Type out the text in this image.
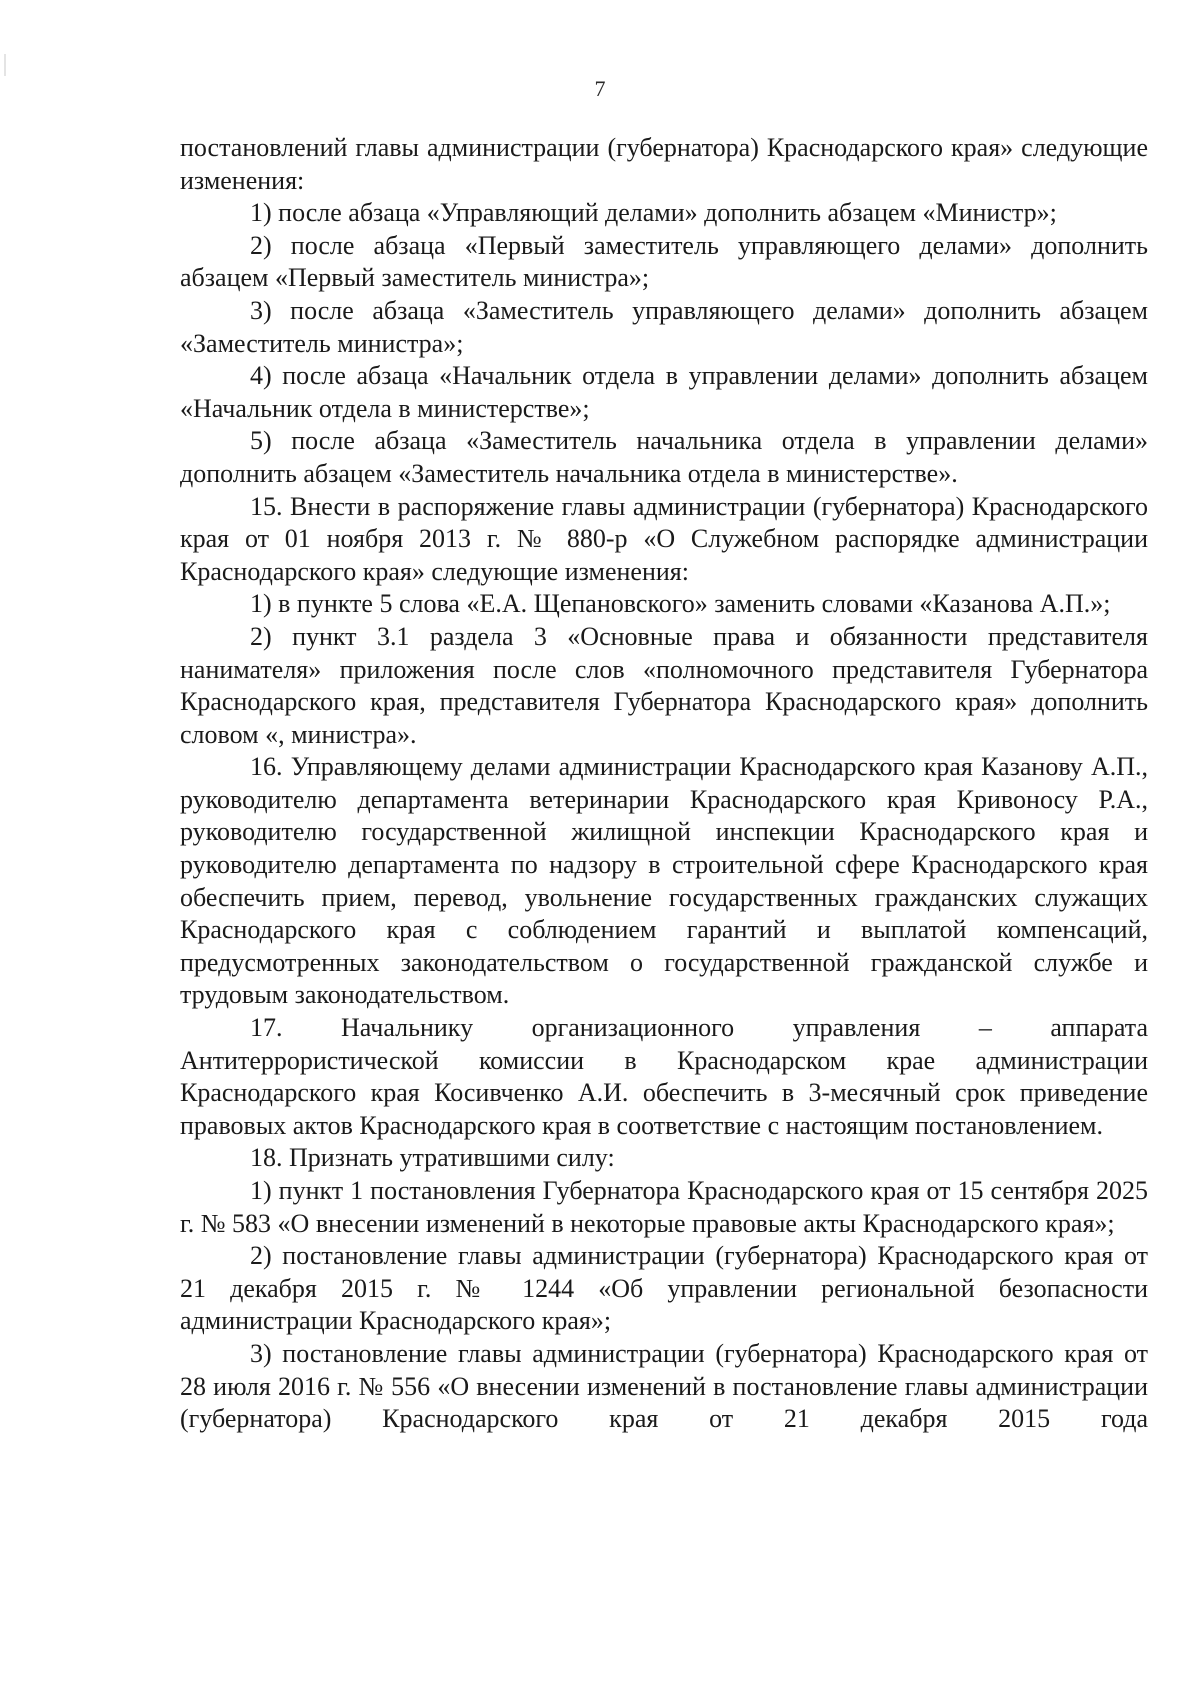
7

постановлений главы администрации (губернатора) Краснодарского края» следующие изменения:

1) после абзаца «Управляющий делами» дополнить абзацем «Министр»;

2) после абзаца «Первый заместитель управляющего делами» дополнить абзацем «Первый заместитель министра»;

3) после абзаца «Заместитель управляющего делами» дополнить абзацем «Заместитель министра»;

4) после абзаца «Начальник отдела в управлении делами» дополнить абзацем «Начальник отдела в министерстве»;

5) после абзаца «Заместитель начальника отдела в управлении делами» дополнить абзацем «Заместитель начальника отдела в министерстве».

15. Внести в распоряжение главы администрации (губернатора) Краснодарского края от 01 ноября 2013 г. № 880-р «О Служебном распорядке администрации Краснодарского края» следующие изменения:

1) в пункте 5 слова «Е.А. Щепановского» заменить словами «Казанова А.П.»;

2) пункт 3.1 раздела 3 «Основные права и обязанности представителя нанимателя» приложения после слов «полномочного представителя Губернатора Краснодарского края, представителя Губернатора Краснодарского края» дополнить словом «, министра».

16. Управляющему делами администрации Краснодарского края Казанову А.П., руководителю департамента ветеринарии Краснодарского края Кривоносу Р.А., руководителю государственной жилищной инспекции Краснодарского края и руководителю департамента по надзору в строительной сфере Краснодарского края обеспечить прием, перевод, увольнение государственных гражданских служащих Краснодарского края с соблюдением гарантий и выплатой компенсаций, предусмотренных законодательством о государственной гражданской службе и трудовым законодательством.

17. Начальнику организационного управления – аппарата Антитеррористической комиссии в Краснодарском крае администрации Краснодарского края Косивченко А.И. обеспечить в 3-месячный срок приведение правовых актов Краснодарского края в соответствие с настоящим постановлением.

18. Признать утратившими силу:

1) пункт 1 постановления Губернатора Краснодарского края от 15 сентября 2025 г. № 583 «О внесении изменений в некоторые правовые акты Краснодарского края»;

2) постановление главы администрации (губернатора) Краснодарского края от 21 декабря 2015 г. № 1244 «Об управлении региональной безопасности администрации Краснодарского края»;

3) постановление главы администрации (губернатора) Краснодарского края от 28 июля 2016 г. № 556 «О внесении изменений в постановление главы администрации (губернатора) Краснодарского края от 21 декабря 2015 года
